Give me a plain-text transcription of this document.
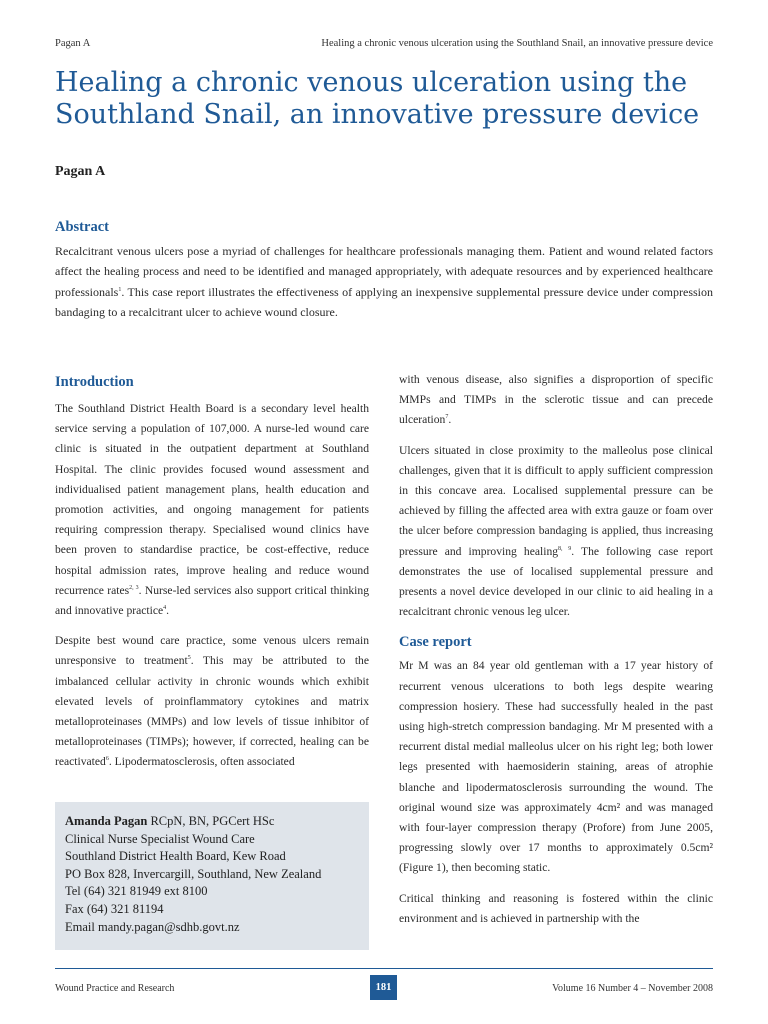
Pagan A	Healing a chronic venous ulceration using the Southland Snail, an innovative pressure device
Healing a chronic venous ulceration using the
Southland Snail, an innovative pressure device
Pagan A
Abstract

Recalcitrant venous ulcers pose a myriad of challenges for healthcare professionals managing them. Patient and wound related factors affect the healing process and need to be identified and managed appropriately, with adequate resources and by experienced healthcare professionals$^1$. This case report illustrates the effectiveness of applying an inexpensive supplemental pressure device under compression bandaging to a recalcitrant ulcer to achieve wound closure.

Introduction

The Southland District Health Board is a secondary level health service serving a population of 107,000. A nurse-led wound care clinic is situated in the outpatient department at Southland Hospital. The clinic provides focused wound assessment and individualised patient management plans, health education and promotion activities, and ongoing management for patients requiring compression therapy. Specialised wound clinics have been proven to standardise practice, be cost-effective, reduce hospital admission rates, improve healing and reduce wound recurrence rates$^{2, 3}$. Nurse-led services also support critical thinking and innovative practice$^4$.

Despite best wound care practice, some venous ulcers remain unresponsive to treatment$^5$. This may be attributed to the imbalanced cellular activity in chronic wounds which exhibit elevated levels of proinflammatory cytokines and matrix metalloproteinases (MMPs) and low levels of tissue inhibitor of metalloproteinases (TIMPs); however, if corrected, healing can be reactivated$^6$. Lipodermatosclerosis, often associated

Amanda Pagan RCpN, BN, PGCert HSc
Clinical Nurse Specialist Wound Care
Southland District Health Board, Kew Road
PO Box 828, Invercargill, Southland, New Zealand
Tel (64) 321 81949 ext 8100
Fax (64) 321 81194
Email mandy.pagan@sdhb.govt.nz

with venous disease, also signifies a disproportion of specific MMPs and TIMPs in the sclerotic tissue and can precede ulceration$^7$.

Ulcers situated in close proximity to the malleolus pose clinical challenges, given that it is difficult to apply sufficient compression in this concave area. Localised supplemental pressure can be achieved by filling the affected area with extra gauze or foam over the ulcer before compression bandaging is applied, thus increasing pressure and improving healing$^{8, 9}$. The following case report demonstrates the use of localised supplemental pressure and presents a novel device developed in our clinic to aid healing in a recalcitrant chronic venous leg ulcer.

Case report

Mr M was an 84 year old gentleman with a 17 year history of recurrent venous ulcerations to both legs despite wearing compression hosiery. These had successfully healed in the past using high-stretch compression bandaging. Mr M presented with a recurrent distal medial malleolus ulcer on his right leg; both lower legs presented with haemosiderin staining, areas of atrophie blanche and lipodermatosclerosis surrounding the wound. The original wound size was approximately 4cm² and was managed with four-layer compression therapy (Profore) from June 2005, progressing slowly over 17 months to approximately 0.5cm² (Figure 1), then becoming static.

Critical thinking and reasoning is fostered within the clinic environment and is achieved in partnership with the

Wound Practice and Research	181	Volume 16 Number 4 – November 2008
